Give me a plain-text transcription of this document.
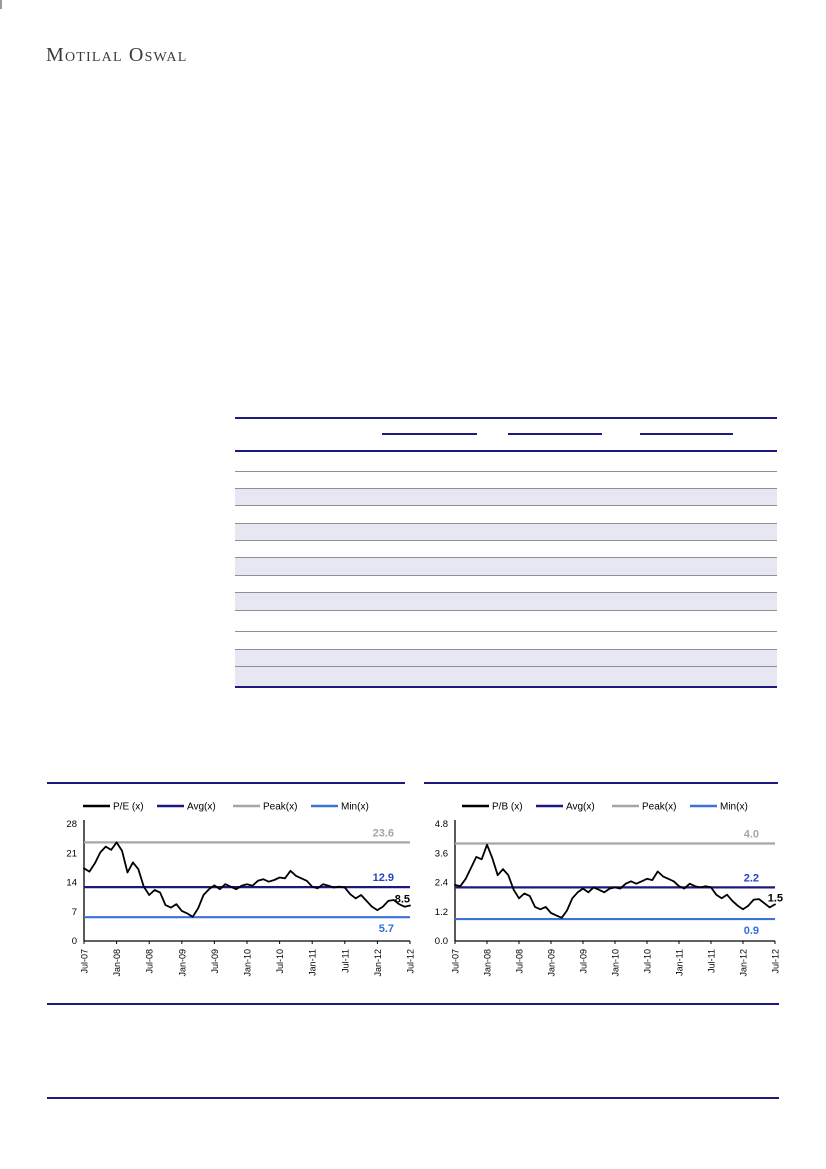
Motilal Oswal
P/E (x)	Avg(x)	Peak(x)	Min(x)
0
7
14
21
28
Jul-07	Jan-08	Jul-08	Jan-09	Jul-09	Jan-10	Jul-10	Jan-11	Jul-11	Jan-12	Jul-12
23.6
12.9
5.7
8.5
P/B (x)	Avg(x)	Peak(x)	Min(x)
0.0
1.2
2.4
3.6
4.8
Jul-07 Jan-08 Jul-08 Jan-09 Jul-09 Jan-10 Jul-10 Jan-11 Jul-11 Jan-12 Jul-12
4.0
2.2
0.9
1.5
